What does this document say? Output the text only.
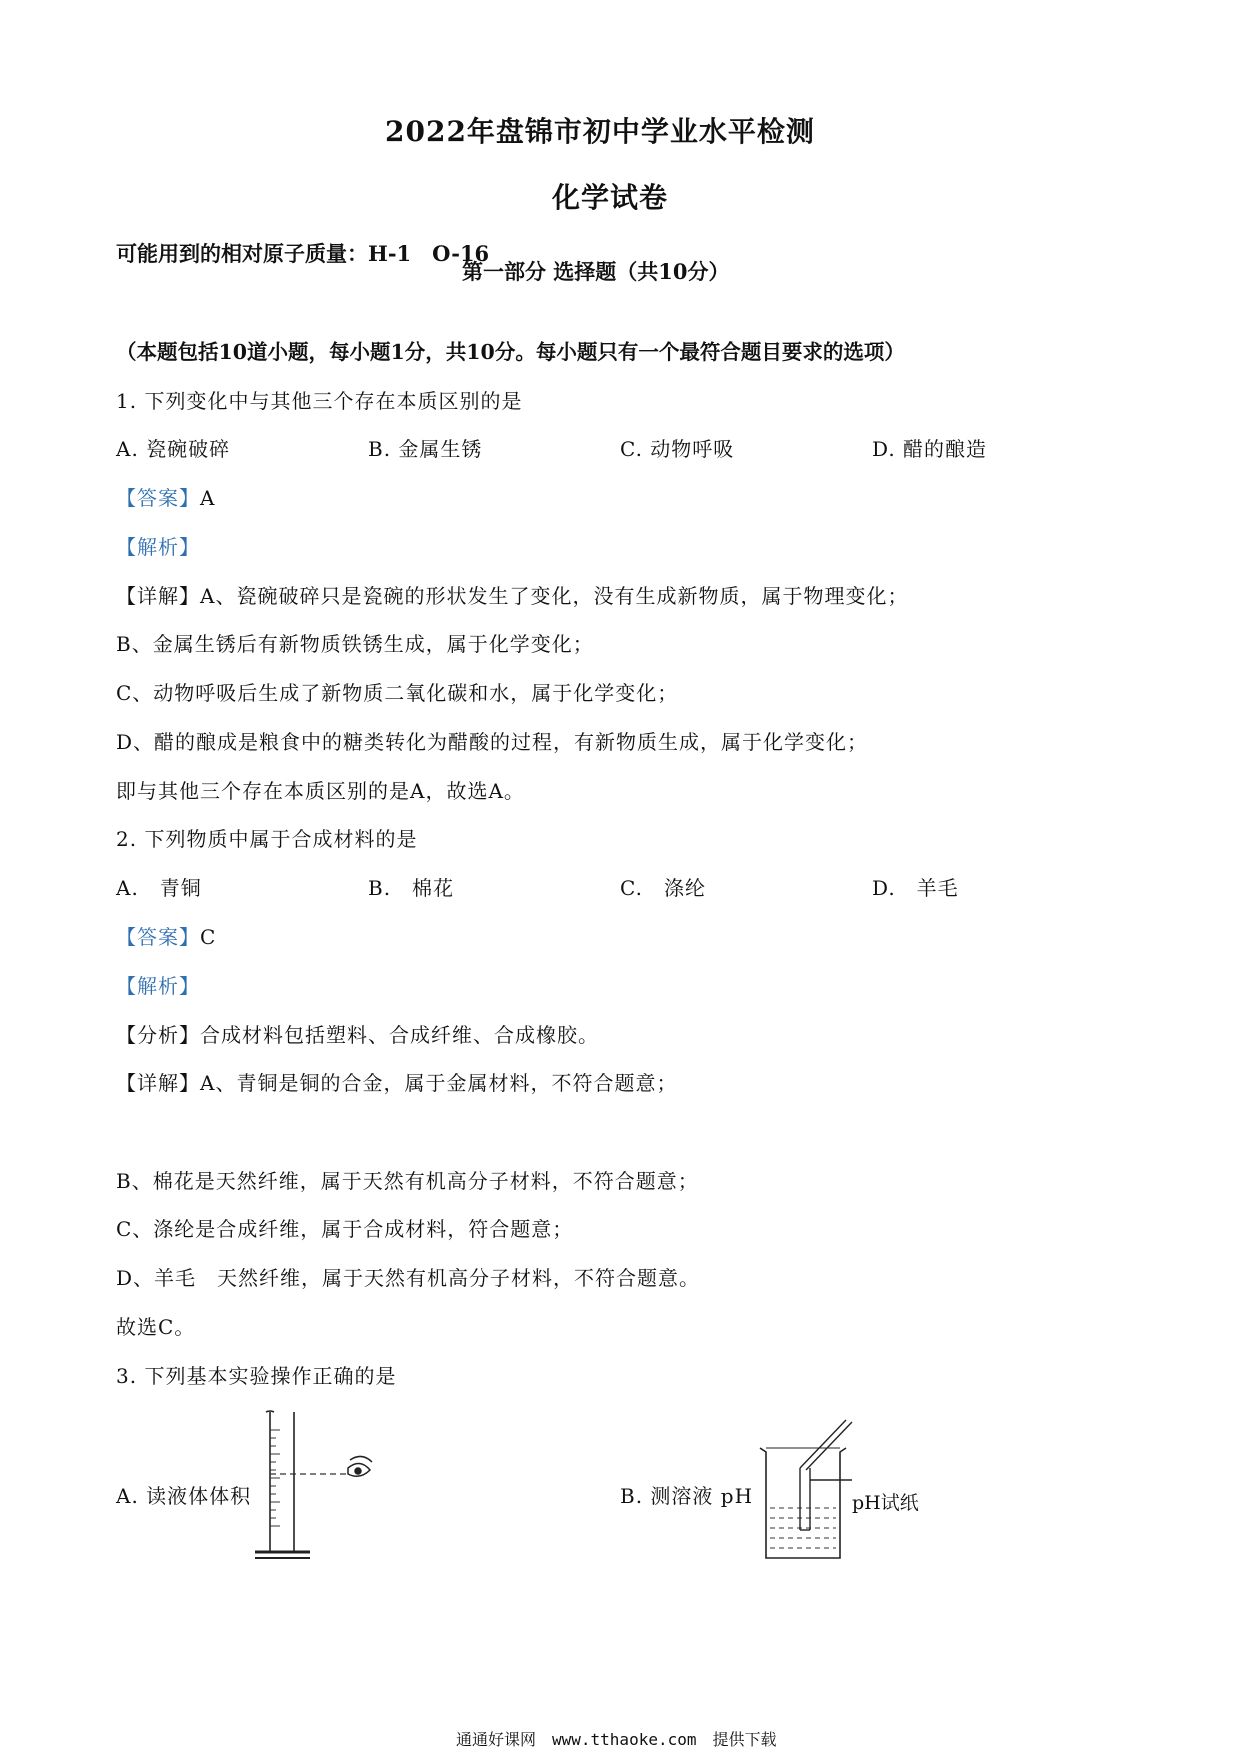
2022年盘锦市初中学业水平检测
化学试卷
可能用到的相对原子质量：H-1　O-16
第一部分 选择题（共10分）
（本题包括10道小题，每小题1分，共10分。每小题只有一个最符合题目要求的选项）
1. 下列变化中与其他三个存在本质区别的是
A. 瓷碗破碎	B. 金属生锈	C. 动物呼吸	D. 醋的酿造
【答案】A
【解析】
【详解】A、瓷碗破碎只是瓷碗的形状发生了变化，没有生成新物质，属于物理变化；
B、金属生锈后有新物质铁锈生成，属于化学变化；
C、动物呼吸后生成了新物质二氧化碳和水，属于化学变化；
D、醋的酿成是粮食中的糖类转化为醋酸的过程，有新物质生成，属于化学变化；
即与其他三个存在本质区别的是A，故选A。
2. 下列物质中属于合成材料的是
A.　青铜	B.　棉花	C.　涤纶	D.　羊毛
【答案】C
【解析】
【分析】合成材料包括塑料、合成纤维、合成橡胶。
【详解】A、青铜是铜的合金，属于金属材料，不符合题意；
B、棉花是天然纤维，属于天然有机高分子材料，不符合题意；
C、涤纶是合成纤维，属于合成材料，符合题意；
D、羊毛　天然纤维，属于天然有机高分子材料，不符合题意。
故选C。
3. 下列基本实验操作正确的是
A. 读液体体积	B. 测溶液 pH	pH试纸
通通好课网　www.tthaoke.com　提供下载
